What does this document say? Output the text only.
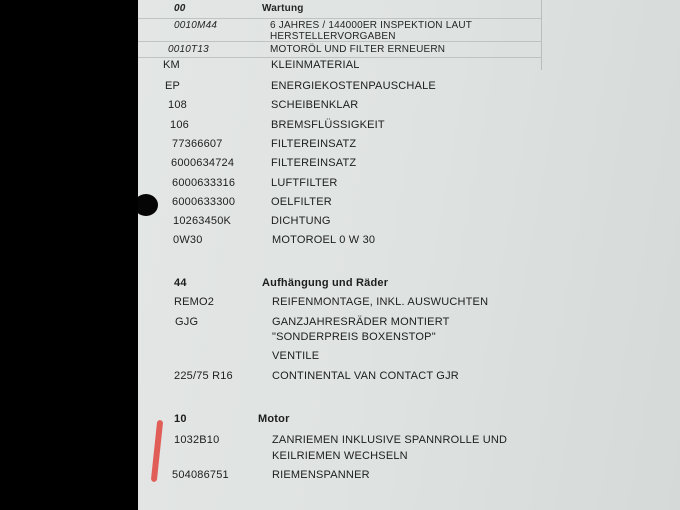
00	Wartung
0010M44	6 JAHRES / 144000ER INSPEKTION LAUT
HERSTELLERVORGABEN
0010T13	MOTORÖL UND FILTER ERNEUERN
KM	KLEINMATERIAL
EP	ENERGIEKOSTENPAUSCHALE
108	SCHEIBENKLAR
106	BREMSFLÜSSIGKEIT
77366607	FILTEREINSATZ
6000634724	FILTEREINSATZ
6000633316	LUFTFILTER
6000633300	OELFILTER
10263450K	DICHTUNG
0W30	MOTOROEL 0 W 30
44	Aufhängung und Räder
REMO2	REIFENMONTAGE, INKL. AUSWUCHTEN
GJG	GANZJAHRESRÄDER MONTIERT
"SONDERPREIS BOXENSTOP"
VENTILE
225/75 R16	CONTINENTAL VAN CONTACT GJR
10	Motor
1032B10	ZANRIEMEN INKLUSIVE SPANNROLLE UND
KEILRIEMEN WECHSELN
504086751	RIEMENSPANNER
